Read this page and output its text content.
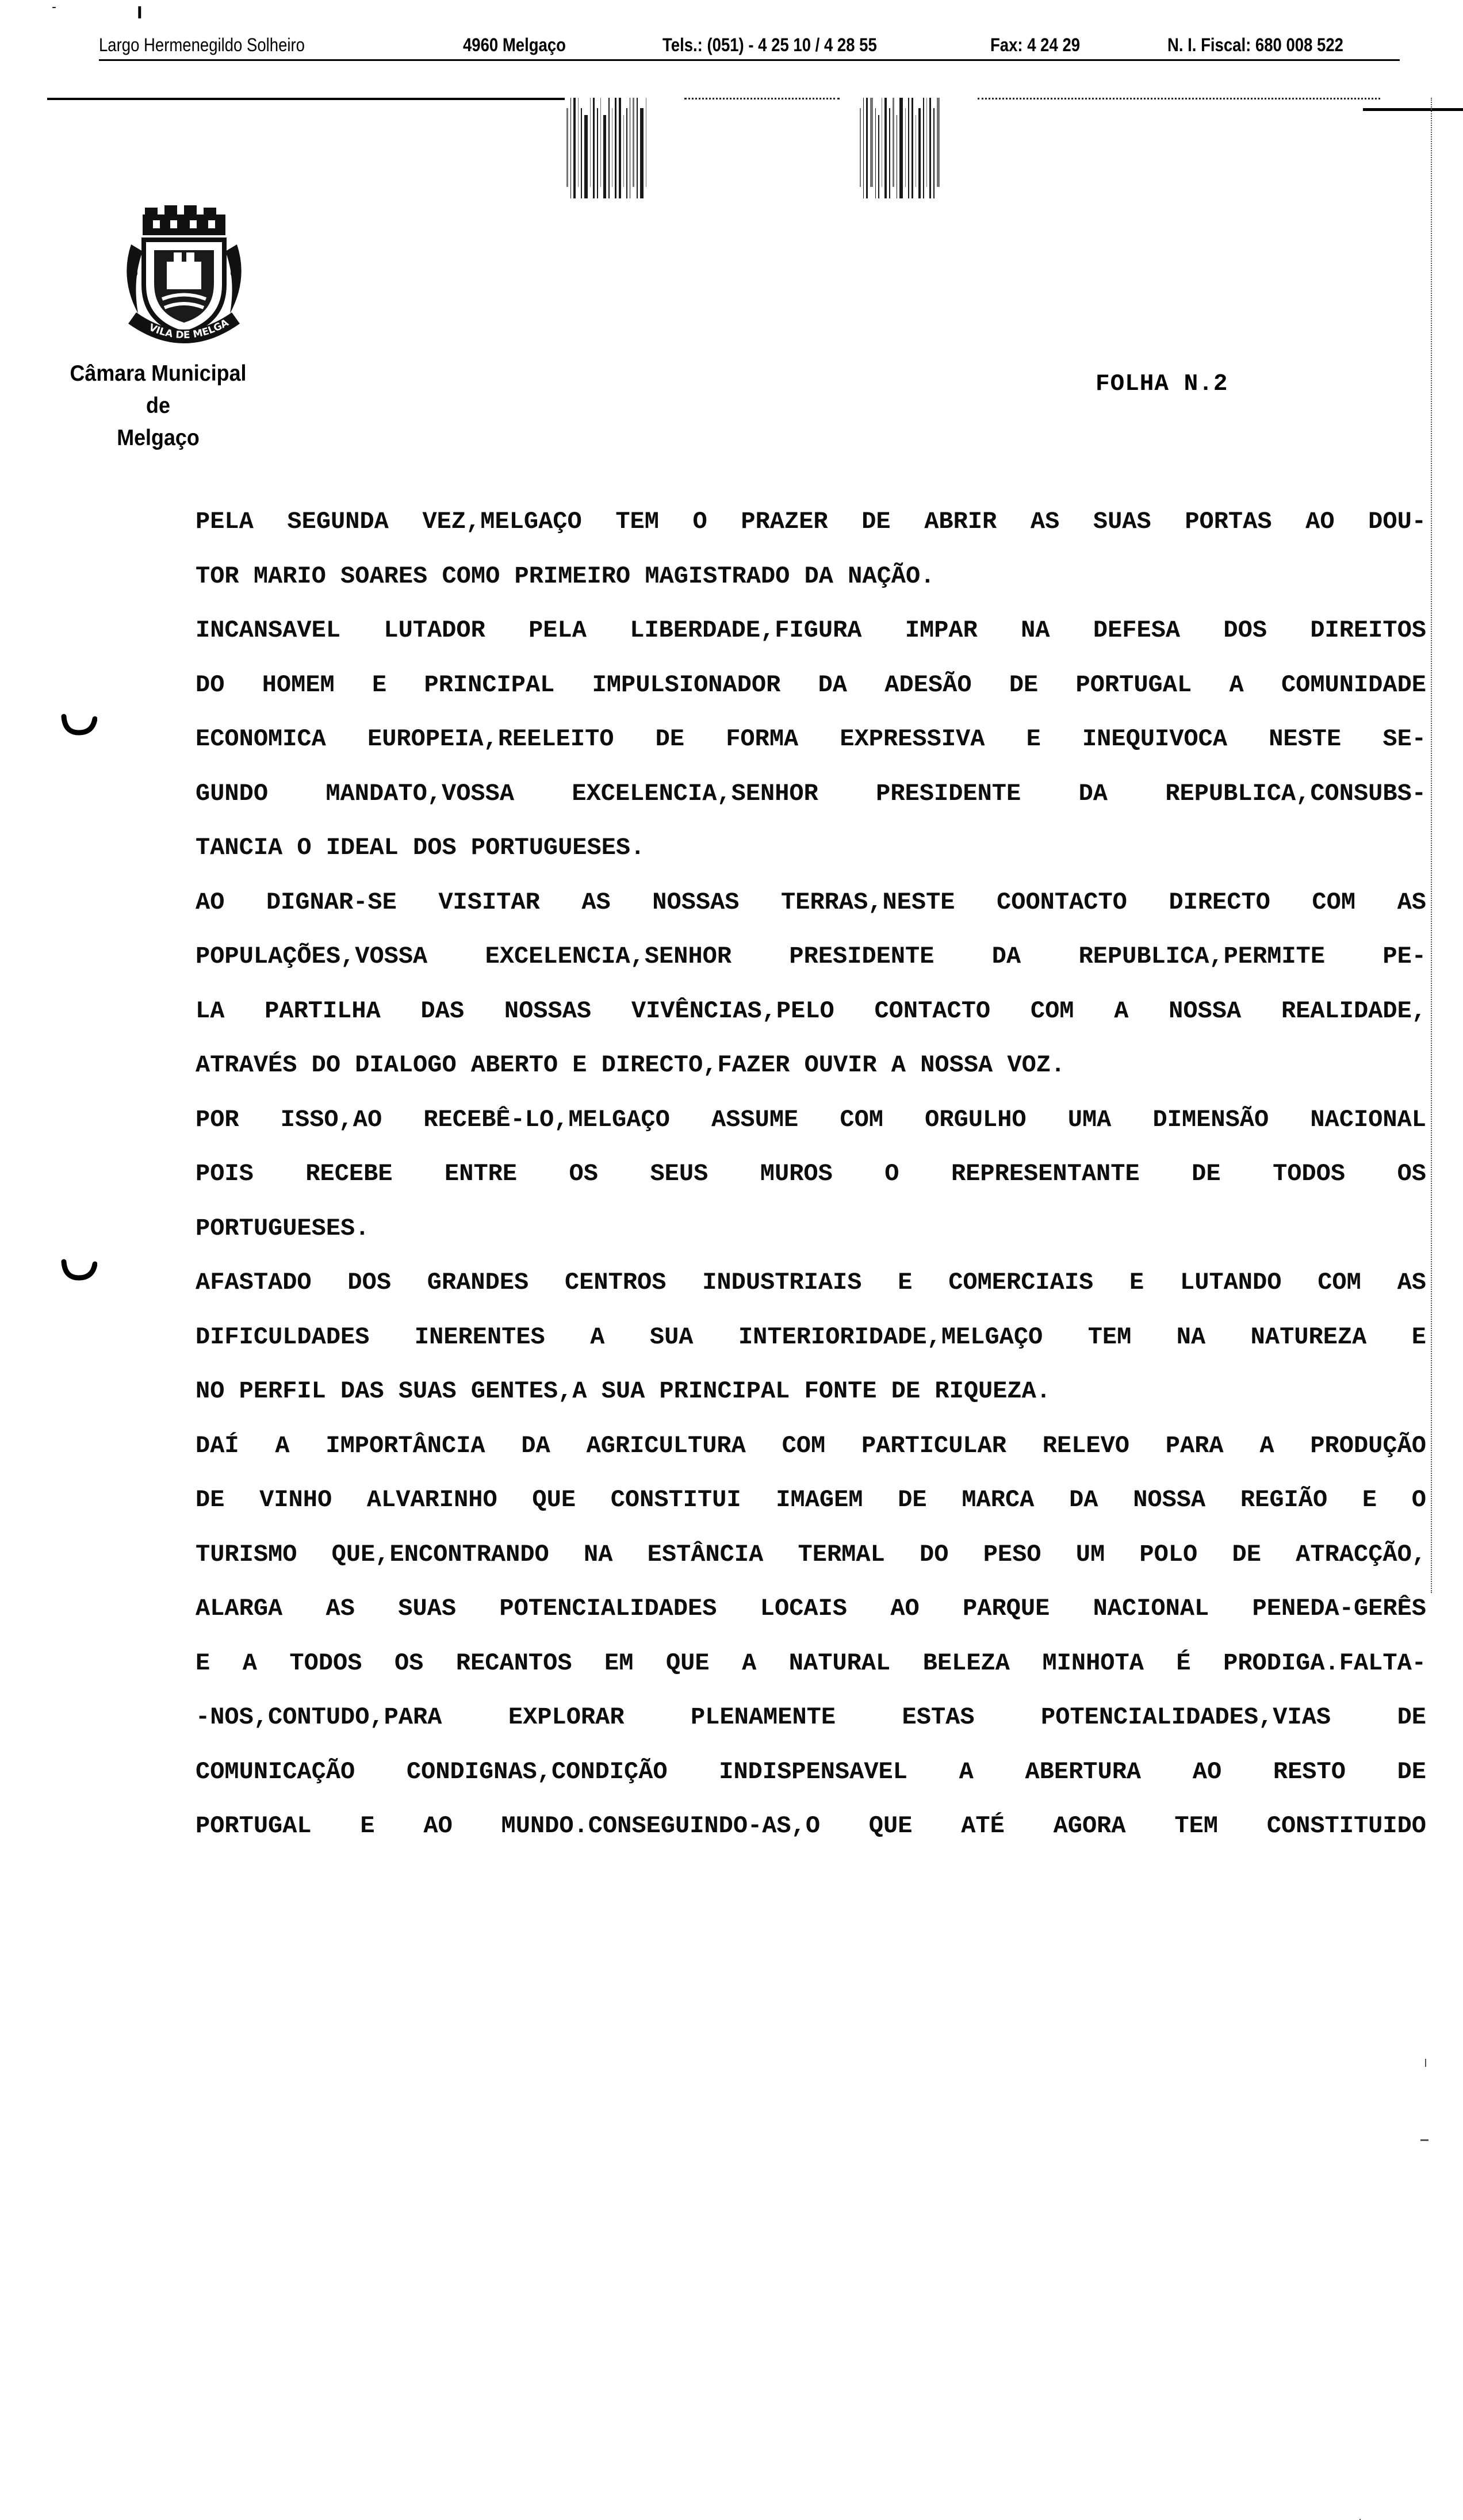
-	ꞁ
Largo Hermenegildo Solheiro	4960 Melgaço	Tels.: (051) - 4 25 10 / 4 28 55	Fax: 4 24 29	N. I. Fiscal: 680 008 522
VILA DE MELGA
Câmara Municipal
de
Melgaço
FOLHA N.2
PELA SEGUNDA VEZ,MELGAÇO TEM O PRAZER DE ABRIR AS SUAS PORTAS AO DOU-
TOR MARIO SOARES COMO PRIMEIRO MAGISTRADO DA NAÇÃO.
INCANSAVEL LUTADOR PELA LIBERDADE,FIGURA IMPAR NA DEFESA DOS DIREITOS
DO HOMEM E PRINCIPAL IMPULSIONADOR DA ADESÃO DE PORTUGAL A COMUNIDADE
ECONOMICA EUROPEIA,REELEITO DE FORMA EXPRESSIVA E INEQUIVOCA NESTE SE-
GUNDO MANDATO,VOSSA EXCELENCIA,SENHOR PRESIDENTE DA REPUBLICA,CONSUBS-
TANCIA O IDEAL DOS PORTUGUESES.
AO DIGNAR-SE VISITAR AS NOSSAS TERRAS,NESTE COONTACTO DIRECTO COM AS
POPULAÇÕES,VOSSA EXCELENCIA,SENHOR PRESIDENTE DA REPUBLICA,PERMITE PE-
LA PARTILHA DAS NOSSAS VIVÊNCIAS,PELO CONTACTO COM A NOSSA REALIDADE,
ATRAVÉS DO DIALOGO ABERTO E DIRECTO,FAZER OUVIR A NOSSA VOZ.
POR ISSO,AO RECEBÊ-LO,MELGAÇO ASSUME COM ORGULHO UMA DIMENSÃO NACIONAL
POIS RECEBE ENTRE OS SEUS MUROS O REPRESENTANTE DE TODOS OS
PORTUGUESES.
AFASTADO DOS GRANDES CENTROS INDUSTRIAIS E COMERCIAIS E LUTANDO COM AS
DIFICULDADES INERENTES A SUA INTERIORIDADE,MELGAÇO TEM NA NATUREZA E
NO PERFIL DAS SUAS GENTES,A SUA PRINCIPAL FONTE DE RIQUEZA.
DAÍ A IMPORTÂNCIA DA AGRICULTURA COM PARTICULAR RELEVO PARA A PRODUÇÃO
DE VINHO ALVARINHO QUE CONSTITUI IMAGEM DE MARCA DA NOSSA REGIÃO E O
TURISMO QUE,ENCONTRANDO NA ESTÂNCIA TERMAL DO PESO UM POLO DE ATRACÇÃO,
ALARGA AS SUAS POTENCIALIDADES LOCAIS AO PARQUE NACIONAL PENEDA-GERÊS
E A TODOS OS RECANTOS EM QUE A NATURAL BELEZA MINHOTA É PRODIGA.FALTA-
-NOS,CONTUDO,PARA EXPLORAR PLENAMENTE ESTAS POTENCIALIDADES,VIAS DE
COMUNICAÇÃO CONDIGNAS,CONDIÇÃO INDISPENSAVEL A ABERTURA AO RESTO DE
PORTUGAL E AO MUNDO.CONSEGUINDO-AS,O QUE ATÉ AGORA TEM CONSTITUIDO
